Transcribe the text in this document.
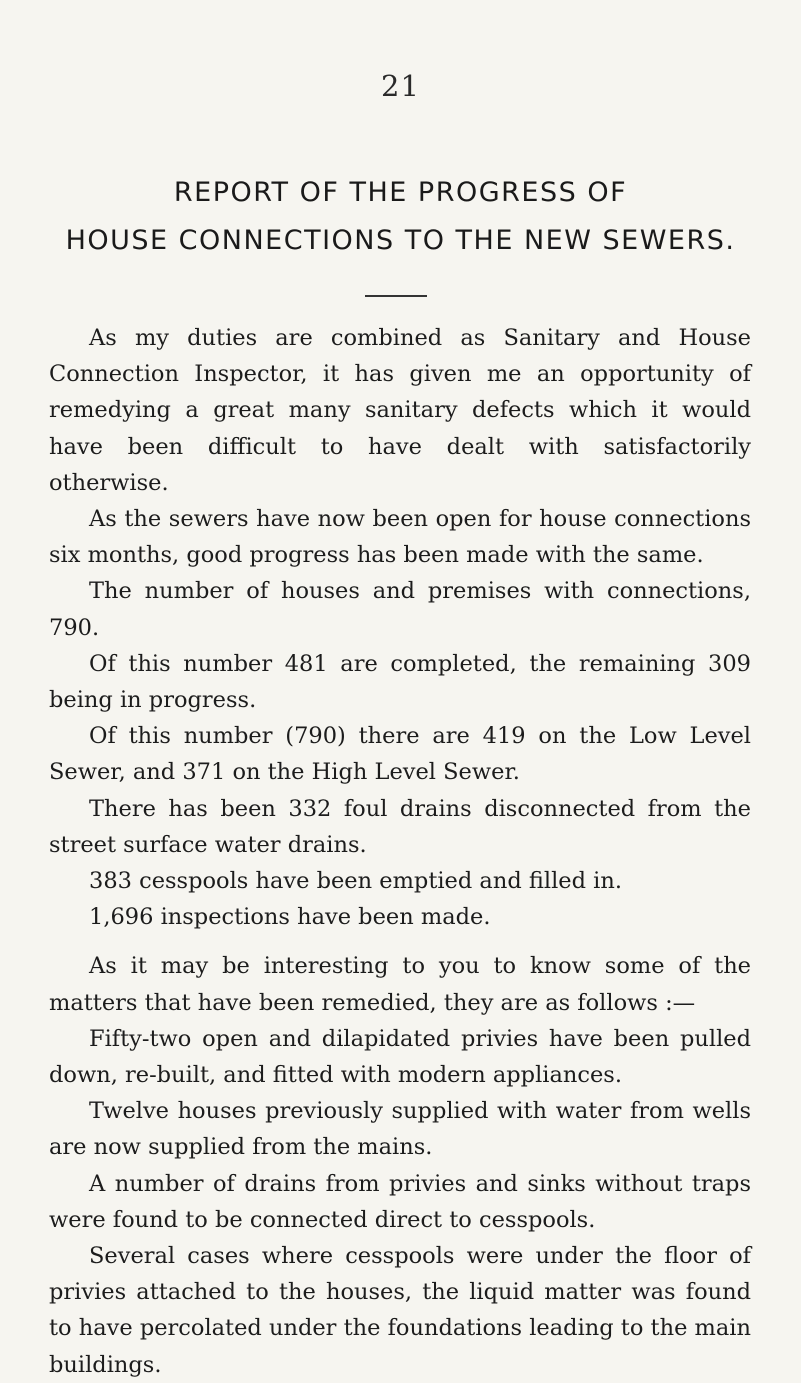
21
REPORT OF THE PROGRESS OF
HOUSE CONNECTIONS TO THE NEW SEWERS.

As my duties are combined as Sanitary and House Connection Inspector, it has given me an opportunity of remedying a great many sanitary defects which it would have been difficult to have dealt with satisfactorily otherwise.

As the sewers have now been open for house connections six months, good progress has been made with the same.

The number of houses and premises with connections, 790.

Of this number 481 are completed, the remaining 309 being in progress.

Of this number (790) there are 419 on the Low Level Sewer, and 371 on the High Level Sewer.

There has been 332 foul drains disconnected from the street surface water drains.

383 cesspools have been emptied and filled in.

1,696 inspections have been made.

As it may be interesting to you to know some of the matters that have been remedied, they are as follows :—

Fifty-two open and dilapidated privies have been pulled down, re-built, and fitted with modern appliances.

Twelve houses previously supplied with water from wells are now supplied from the mains.

A number of drains from privies and sinks without traps were found to be connected direct to cesspools.

Several cases where cesspools were under the floor of privies attached to the houses, the liquid matter was found to have percolated under the foundations leading to the main buildings.
